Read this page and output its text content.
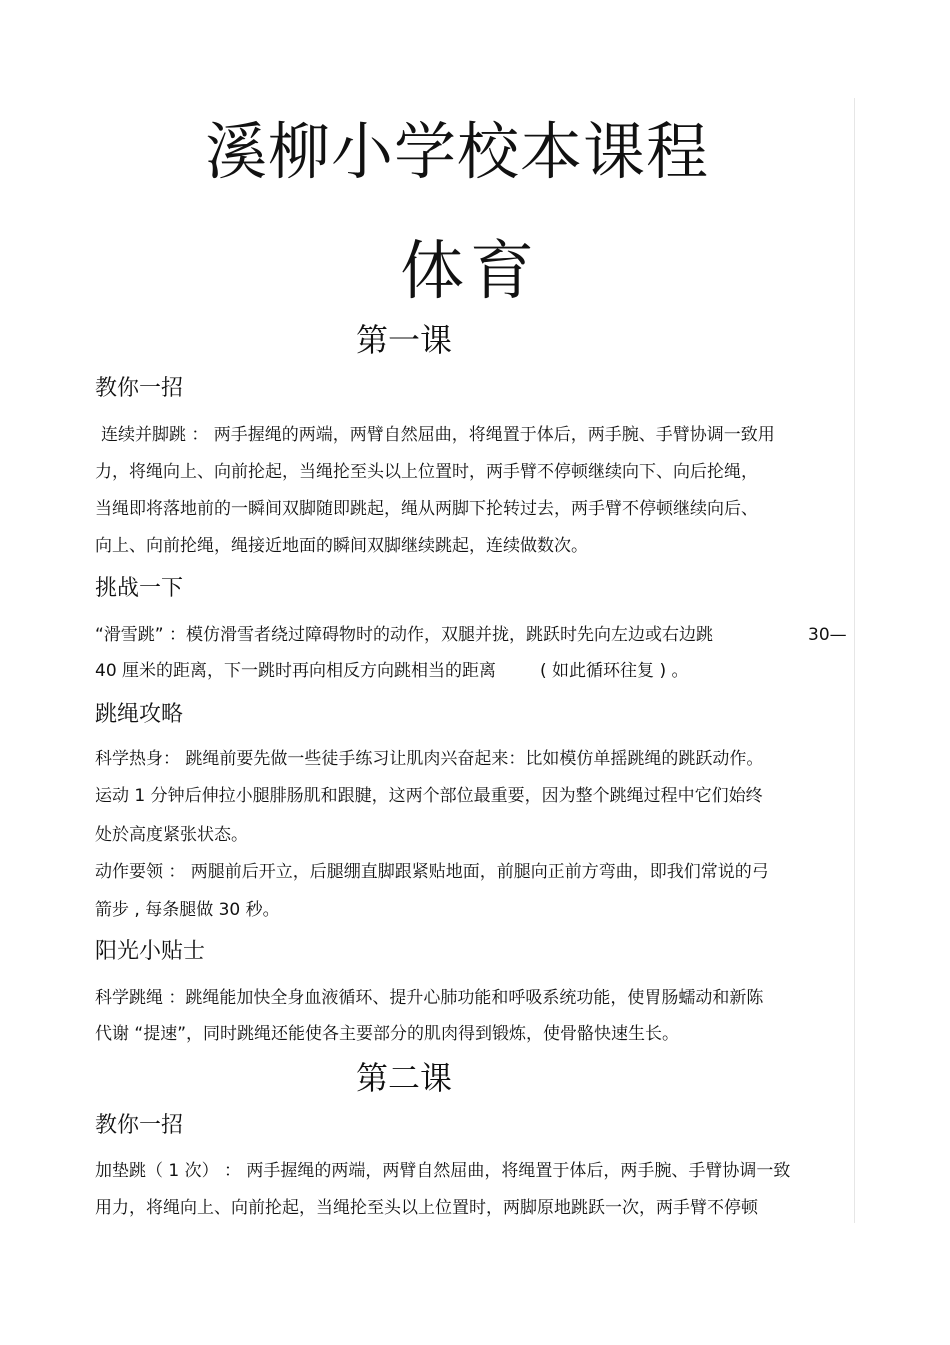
溪柳小学校本课程
体育
第一课
教你一招
连续并脚跳 ： 两手握绳的两端，两臂自然屈曲，将绳置于体后，两手腕、手臂协调一致用
力，将绳向上、向前抡起，当绳抡至头以上位置时，两手臂不停顿继续向下、向后抡绳，
当绳即将落地前的一瞬间双脚随即跳起，绳从两脚下抡转过去，两手臂不停顿继续向后、
向上、向前抡绳，绳接近地面的瞬间双脚继续跳起，连续做数次。
挑战一下
“滑雪跳” ：模仿滑雪者绕过障碍物时的动作，双腿并拢，跳跃时先向左边或右边跳	30—
40 厘米的距离，下一跳时再向相反方向跳相当的距离	( 如此循环往复 ) 。
跳绳攻略
科学热身： 跳绳前要先做一些徒手练习让肌肉兴奋起来：比如模仿单摇跳绳的跳跃动作。
运动 1 分钟后伸拉小腿腓肠肌和跟腱，这两个部位最重要，因为整个跳绳过程中它们始终
处於高度紧张状态。
动作要领 ： 两腿前后开立，后腿绷直脚跟紧贴地面，前腿向正前方弯曲，即我们常说的弓
箭步 , 每条腿做 30 秒。
阳光小贴士
科学跳绳 ：跳绳能加快全身血液循环、提升心肺功能和呼吸系统功能，使胃肠蠕动和新陈
代谢 “提速”，同时跳绳还能使各主要部分的肌肉得到锻炼，使骨骼快速生长。
第二课
教你一招
加垫跳（ 1 次） ： 两手握绳的两端，两臂自然屈曲，将绳置于体后，两手腕、手臂协调一致
用力，将绳向上、向前抡起，当绳抡至头以上位置时，两脚原地跳跃一次，两手臂不停顿
